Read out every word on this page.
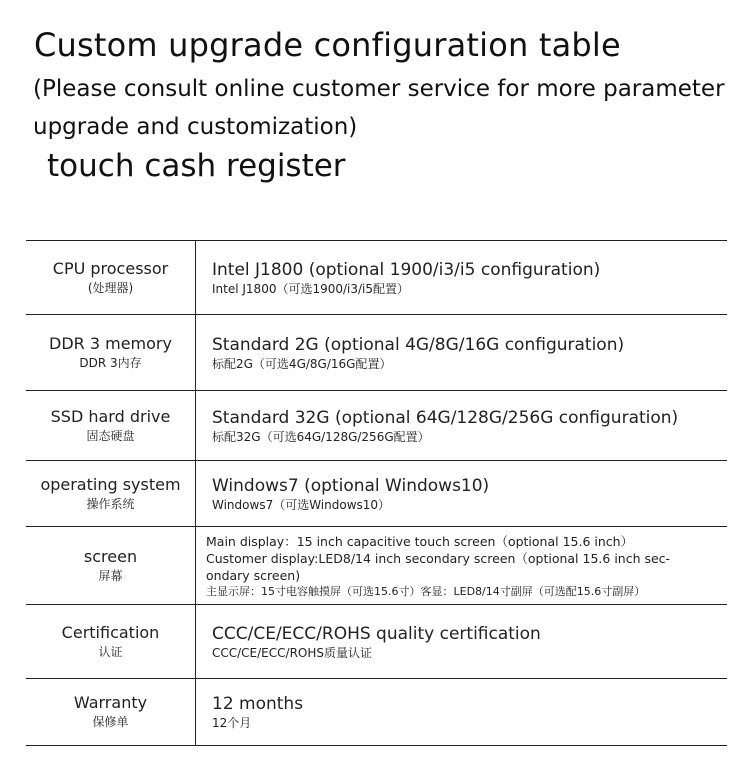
Custom upgrade configuration table
(Please consult online customer service for more parameter upgrade and customization)
touch cash register
CPU processor
(处理器)
Intel J1800 (optional 1900/i3/i5 configuration)
Intel J1800（可选1900/i3/i5配置）
DDR 3 memory
DDR 3内存
Standard 2G (optional 4G/8G/16G configuration)
标配2G（可选4G/8G/16G配置）
SSD hard drive
固态硬盘
Standard 32G (optional 64G/128G/256G configuration)
标配32G（可选64G/128G/256G配置）
operating system
操作系统
Windows7 (optional Windows10)
Windows7（可选Windows10）
screen
屏幕
Main display：15 inch capacitive touch screen（optional 15.6 inch）
Customer display:LED8/14 inch secondary screen（optional 15.6 inch sec-
ondary screen)
主显示屏：15寸电容触摸屏（可选15.6寸）客显：LED8/14寸副屏（可选配15.6寸副屏）
Certification
认证
CCC/CE/ECC/ROHS quality certification
CCC/CE/ECC/ROHS质量认证
Warranty
保修单
12 months
12个月
